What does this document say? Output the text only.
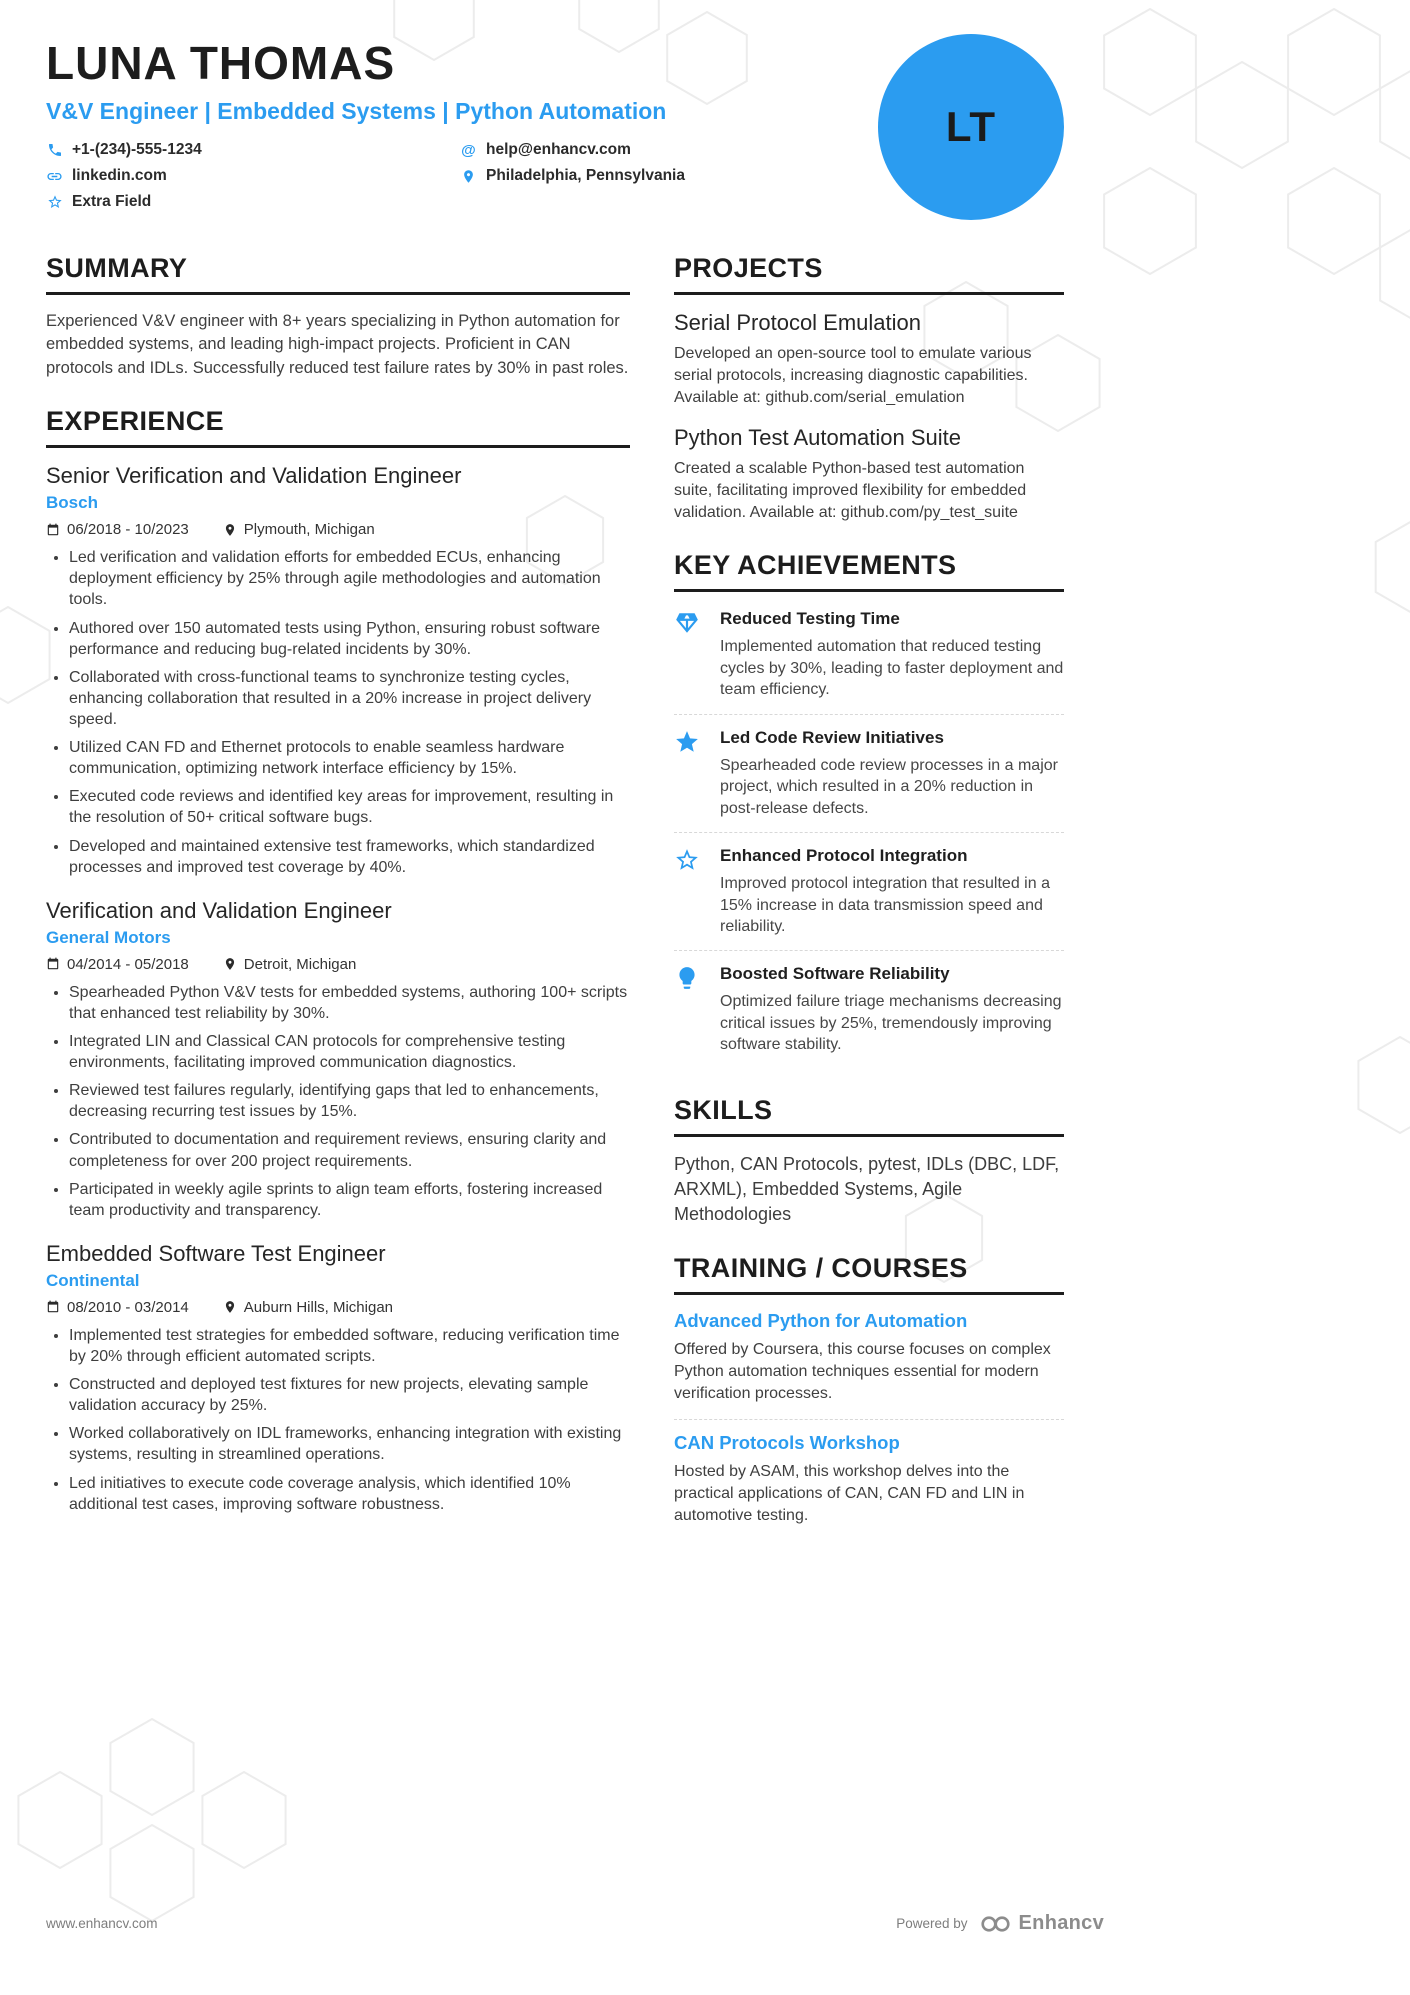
LUNA THOMAS
V&V Engineer | Embedded Systems | Python Automation
+1-(234)-555-1234	@ help@enhancv.com
linkedin.com	Philadelphia, Pennsylvania
Extra Field
LT
SUMMARY

Experienced V&V engineer with 8+ years specializing in Python automation for embedded systems, and leading high-impact projects. Proficient in CAN protocols and IDLs. Successfully reduced test failure rates by 30% in past roles.

EXPERIENCE
Senior Verification and Validation Engineer
Bosch
06/2018 - 10/2023	Plymouth, Michigan
• Led verification and validation efforts for embedded ECUs, enhancing deployment efficiency by 25% through agile methodologies and automation tools.
• Authored over 150 automated tests using Python, ensuring robust software performance and reducing bug-related incidents by 30%.
• Collaborated with cross-functional teams to synchronize testing cycles, enhancing collaboration that resulted in a 20% increase in project delivery speed.
• Utilized CAN FD and Ethernet protocols to enable seamless hardware communication, optimizing network interface efficiency by 15%.
• Executed code reviews and identified key areas for improvement, resulting in the resolution of 50+ critical software bugs.
• Developed and maintained extensive test frameworks, which standardized processes and improved test coverage by 40%.
Verification and Validation Engineer
General Motors
04/2014 - 05/2018	Detroit, Michigan
• Spearheaded Python V&V tests for embedded systems, authoring 100+ scripts that enhanced test reliability by 30%.
• Integrated LIN and Classical CAN protocols for comprehensive testing environments, facilitating improved communication diagnostics.
• Reviewed test failures regularly, identifying gaps that led to enhancements, decreasing recurring test issues by 15%.
• Contributed to documentation and requirement reviews, ensuring clarity and completeness for over 200 project requirements.
• Participated in weekly agile sprints to align team efforts, fostering increased team productivity and transparency.
Embedded Software Test Engineer
Continental
08/2010 - 03/2014	Auburn Hills, Michigan
• Implemented test strategies for embedded software, reducing verification time by 20% through efficient automated scripts.
• Constructed and deployed test fixtures for new projects, elevating sample validation accuracy by 25%.
• Worked collaboratively on IDL frameworks, enhancing integration with existing systems, resulting in streamlined operations.
• Led initiatives to execute code coverage analysis, which identified 10% additional test cases, improving software robustness.
PROJECTS
Serial Protocol Emulation

Developed an open-source tool to emulate various serial protocols, increasing diagnostic capabilities. Available at: github.com/serial_emulation

Python Test Automation Suite

Created a scalable Python-based test automation suite, facilitating improved flexibility for embedded validation. Available at: github.com/py_test_suite

KEY ACHIEVEMENTS
Reduced Testing Time

Implemented automation that reduced testing cycles by 30%, leading to faster deployment and team efficiency.

Led Code Review Initiatives

Spearheaded code review processes in a major project, which resulted in a 20% reduction in post-release defects.

Enhanced Protocol Integration

Improved protocol integration that resulted in a 15% increase in data transmission speed and reliability.

Boosted Software Reliability

Optimized failure triage mechanisms decreasing critical issues by 25%, tremendously improving software stability.

SKILLS

Python, CAN Protocols, pytest, IDLs (DBC, LDF, ARXML), Embedded Systems, Agile Methodologies

TRAINING / COURSES
Advanced Python for Automation

Offered by Coursera, this course focuses on complex Python automation techniques essential for modern verification processes.

CAN Protocols Workshop

Hosted by ASAM, this workshop delves into the practical applications of CAN, CAN FD and LIN in automotive testing.

www.enhancv.com	Powered by	Enhancv
